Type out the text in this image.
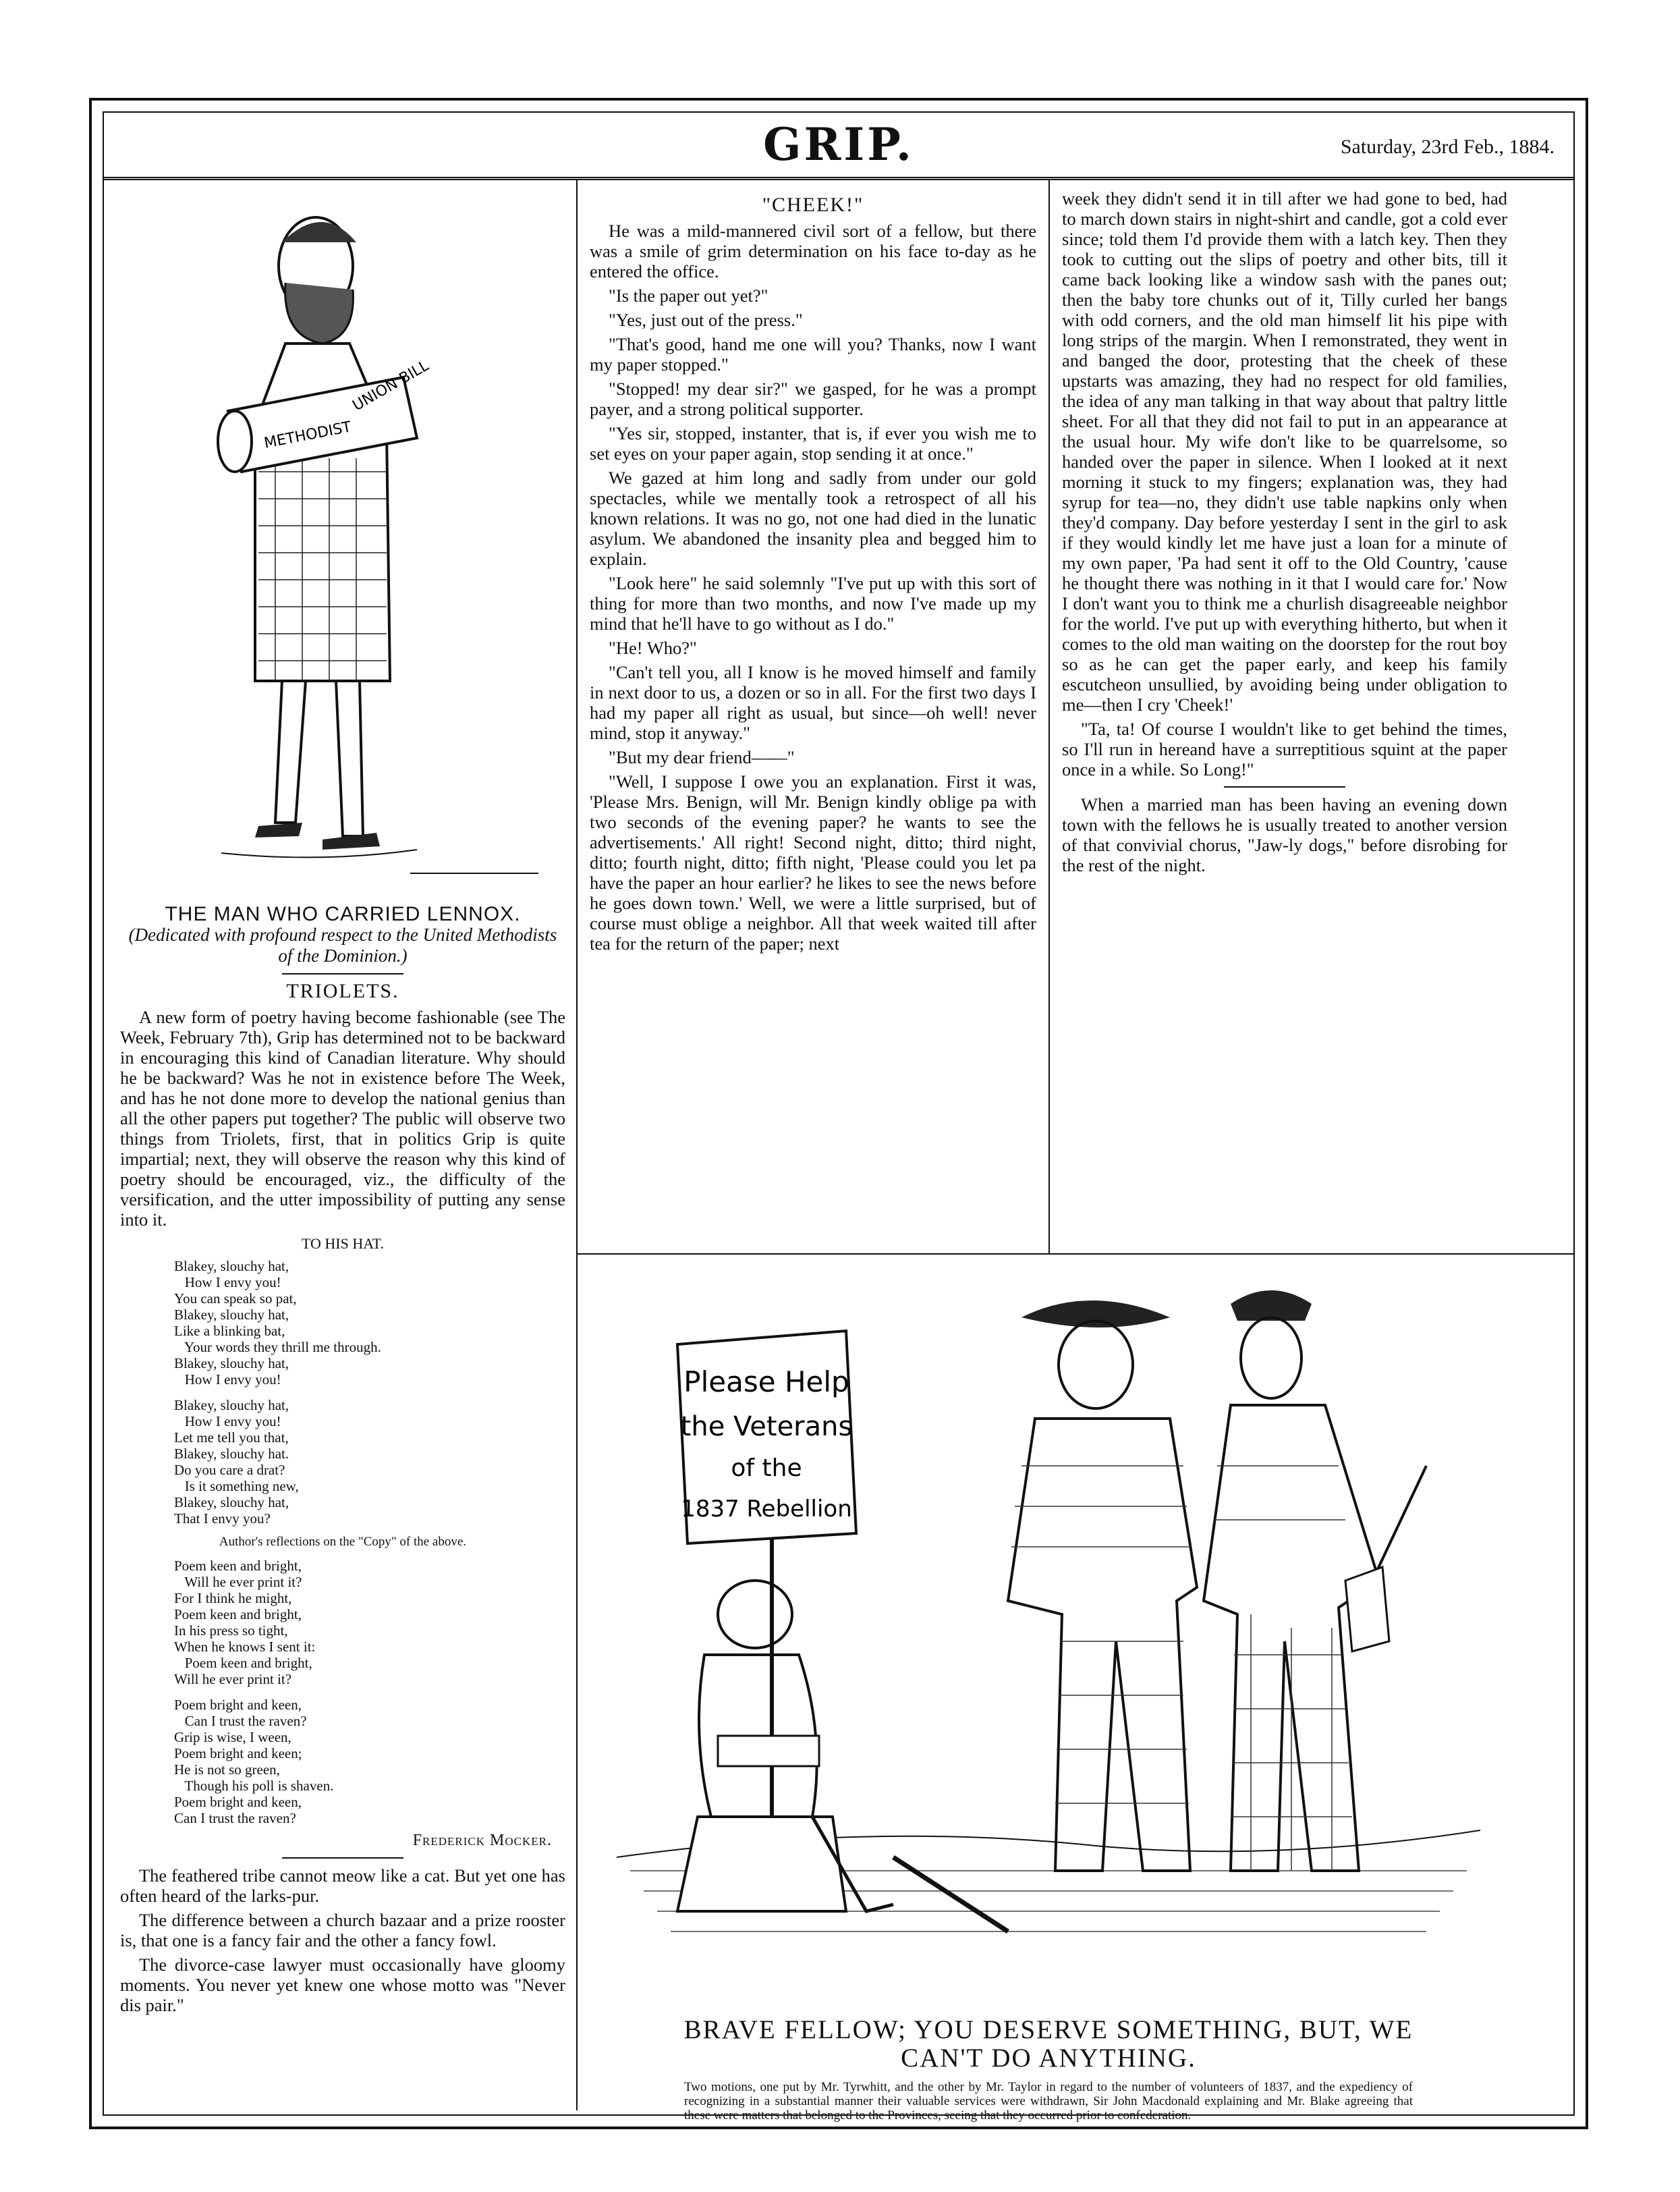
GRIP.	Saturday, 23rd Feb., 1884.
METHODIST
UNION BILL
THE MAN WHO CARRIED LENNOX.
(Dedicated with profound respect to the United Methodists of the Dominion.)
TRIOLETS.

A new form of poetry having become fashionable (see The Week, February 7th), Grip has determined not to be backward in encouraging this kind of Canadian literature. Why should he be backward? Was he not in existence before The Week, and has he not done more to develop the national genius than all the other papers put together? The public will observe two things from Triolets, first, that in politics Grip is quite impartial; next, they will observe the reason why this kind of poetry should be encouraged, viz., the difficulty of the versification, and the utter impossibility of putting any sense into it.

TO HIS HAT.
Blakey, slouchy hat,
How I envy you!
You can speak so pat,
Blakey, slouchy hat,
Like a blinking bat,
Your words they thrill me through.
Blakey, slouchy hat,
How I envy you!
Blakey, slouchy hat,
How I envy you!
Let me tell you that,
Blakey, slouchy hat.
Do you care a drat?
Is it something new,
Blakey, slouchy hat,
That I envy you?
Author's reflections on the "Copy" of the above.
Poem keen and bright,
Will he ever print it?
For I think he might,
Poem keen and bright,
In his press so tight,
When he knows I sent it:
Poem keen and bright,
Will he ever print it?
Poem bright and keen,
Can I trust the raven?
Grip is wise, I ween,
Poem bright and keen;
He is not so green,
Though his poll is shaven.
Poem bright and keen,
Can I trust the raven?
Frederick Mocker.

The feathered tribe cannot meow like a cat. But yet one has often heard of the larks-pur.

The difference between a church bazaar and a prize rooster is, that one is a fancy fair and the other a fancy fowl.

The divorce-case lawyer must occasionally have gloomy moments. You never yet knew one whose motto was "Never dis pair."

"CHEEK!"

He was a mild-mannered civil sort of a fellow, but there was a smile of grim determination on his face to-day as he entered the office.

"Is the paper out yet?"

"Yes, just out of the press."

"That's good, hand me one will you? Thanks, now I want my paper stopped."

"Stopped! my dear sir?" we gasped, for he was a prompt payer, and a strong political supporter.

"Yes sir, stopped, instanter, that is, if ever you wish me to set eyes on your paper again, stop sending it at once."

We gazed at him long and sadly from under our gold spectacles, while we mentally took a retrospect of all his known relations. It was no go, not one had died in the lunatic asylum. We abandoned the insanity plea and begged him to explain.

"Look here" he said solemnly "I've put up with this sort of thing for more than two months, and now I've made up my mind that he'll have to go without as I do."

"He! Who?"

"Can't tell you, all I know is he moved himself and family in next door to us, a dozen or so in all. For the first two days I had my paper all right as usual, but since—oh well! never mind, stop it anyway."

"But my dear friend——"

"Well, I suppose I owe you an explanation. First it was, 'Please Mrs. Benign, will Mr. Benign kindly oblige pa with two seconds of the evening paper? he wants to see the advertisements.' All right! Second night, ditto; third night, ditto; fourth night, ditto; fifth night, 'Please could you let pa have the paper an hour earlier? he likes to see the news before he goes down town.' Well, we were a little surprised, but of course must oblige a neighbor. All that week waited till after tea for the return of the paper; next

week they didn't send it in till after we had gone to bed, had to march down stairs in night-shirt and candle, got a cold ever since; told them I'd provide them with a latch key. Then they took to cutting out the slips of poetry and other bits, till it came back looking like a window sash with the panes out; then the baby tore chunks out of it, Tilly curled her bangs with odd corners, and the old man himself lit his pipe with long strips of the margin. When I remonstrated, they went in and banged the door, protesting that the cheek of these upstarts was amazing, they had no respect for old families, the idea of any man talking in that way about that paltry little sheet. For all that they did not fail to put in an appearance at the usual hour. My wife don't like to be quarrelsome, so handed over the paper in silence. When I looked at it next morning it stuck to my fingers; explanation was, they had syrup for tea—no, they didn't use table napkins only when they'd company. Day before yesterday I sent in the girl to ask if they would kindly let me have just a loan for a minute of my own paper, 'Pa had sent it off to the Old Country, 'cause he thought there was nothing in it that I would care for.' Now I don't want you to think me a churlish disagreeable neighbor for the world. I've put up with everything hitherto, but when it comes to the old man waiting on the doorstep for the rout boy so as he can get the paper early, and keep his family escutcheon unsullied, by avoiding being under obligation to me—then I cry 'Cheek!'

"Ta, ta! Of course I wouldn't like to get behind the times, so I'll run in hereand have a surreptitious squint at the paper once in a while. So Long!"

When a married man has been having an evening down town with the fellows he is usually treated to another version of that convivial chorus, "Jaw-ly dogs," before disrobing for the rest of the night.

Please Help
the Veterans
of the
1837 Rebellion
BRAVE FELLOW; YOU DESERVE SOMETHING, BUT, WE
CAN'T DO ANYTHING.
Two motions, one put by Mr. Tyrwhitt, and the other by Mr. Taylor in regard to the number of volunteers of 1837, and the expediency of recognizing in a substantial manner their valuable services were withdrawn, Sir John Macdonald explaining and Mr. Blake agreeing that these were matters that belonged to the Provinces, seeing that they occurred prior to confederation.
